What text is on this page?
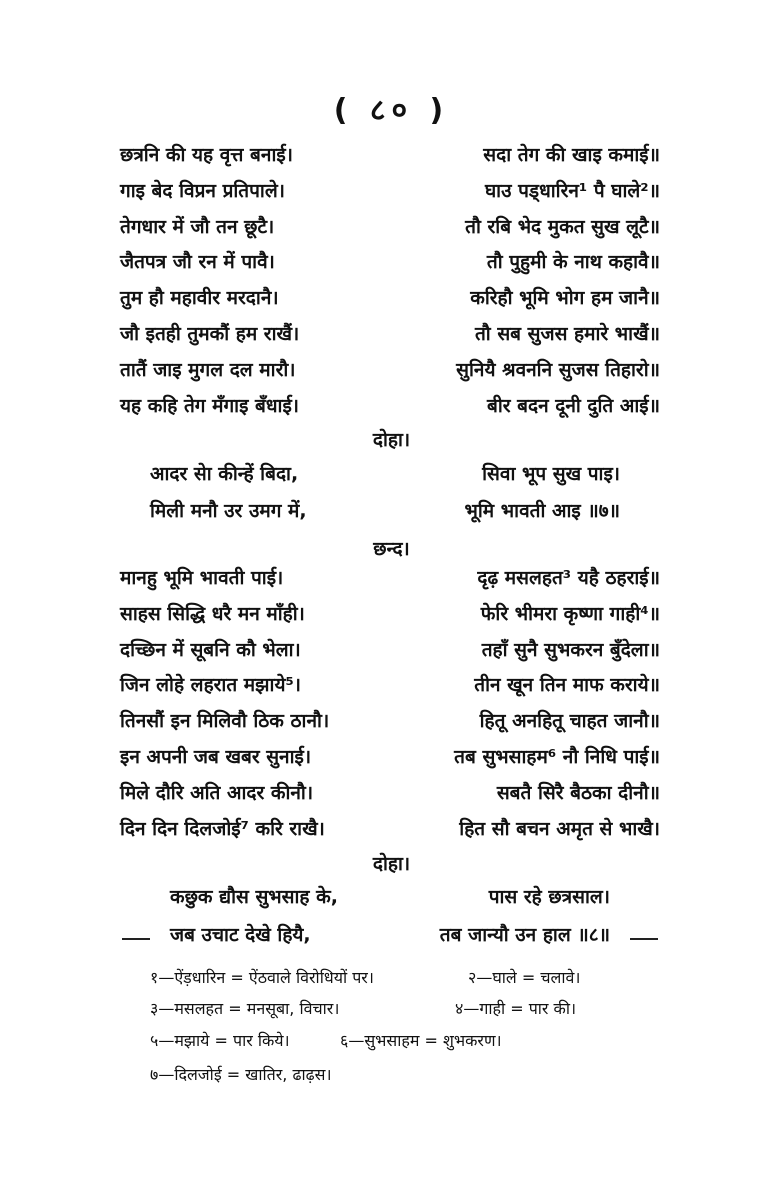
( ८० )
छत्रनि की यह वृत्त बनाई।	सदा तेग की खाइ कमाई॥
गाइ बेद विप्रन प्रतिपाले।	घाउ पड्धारिन¹ पै घाले²॥
तेगधार में जौ तन छूटै।	तौ रबि भेद मुकत सुख लूटै॥
जैतपत्र जौ रन में पावै।	तौ पुहुमी के नाथ कहावै॥
तुम हौ महावीर मरदानै।	करिहौ भूमि भोग हम जानै॥
जौ इतही तुमकौं हम राखैं।	तौ सब सुजस हमारे भाखैं॥
तातैं जाइ मुगल दल मारौ।	सुनियै श्रवननि सुजस तिहारो॥
यह कहि तेग मँगाइ बँधाई।	बीर बदन दूनी दुति आई॥
दोहा।
आदर सेा कीन्हें बिदा,	सिवा भूप सुख पाइ।
मिली मनौ उर उमग में,	भूमि भावती आइ ॥७॥
छन्द।
मानहु भूमि भावती पाई।	दृढ़ मसलहत³ यहै ठहराई॥
साहस सिद्धि धरै मन माँही।	फेरि भीमरा कृष्णा गाही⁴॥
दच्छिन में सूबनि कौ भेला।	तहाँ सुनै सुभकरन बुँदेला॥
जिन लोहे लहरात मझाये⁵।	तीन खून तिन माफ कराये॥
तिनसौं इन मिलिवौ ठिक ठानौ।	हितू अनहितू चाहत जानौ॥
इन अपनी जब खबर सुनाई।	तब सुभसाहम⁶ नौ निधि पाई॥
मिले दौरि अति आदर कीनौ।	सबतै सिरै बैठका दीनौ॥
दिन दिन दिलजोई⁷ करि राखै।	हित सौ बचन अमृत से भाखै।
दोहा।
कछुक द्यौस सुभसाह के,	पास रहे छत्रसाल।
जब उचाट देखे हियै,	तब जान्यौ उन हाल ॥८॥
१—ऐंड़धारिन = ऐंठवाले विरोधियों पर।	२—घाले = चलावे।
३—मसलहत = मनसूबा, विचार।	४—गाही = पार की।
५—मझाये = पार किये।	६—सुभसाहम = शुभकरण।
७—दिलजोई = खातिर, ढाढ़स।
